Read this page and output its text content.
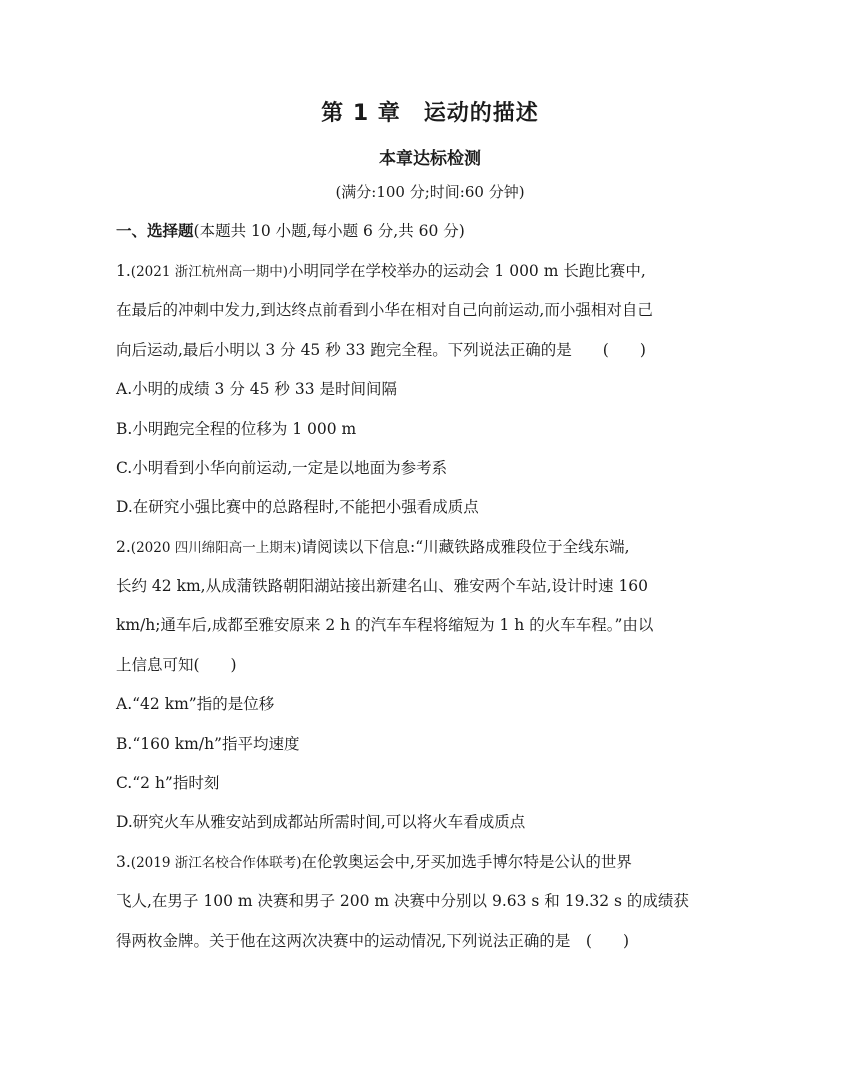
第 1 章　运动的描述
本章达标检测
(满分:100 分;时间:60 分钟)
一、选择题(本题共 10 小题,每小题 6 分,共 60 分)
1.(2021 浙江杭州高一期中)小明同学在学校举办的运动会 1 000 m 长跑比赛中,
在最后的冲刺中发力,到达终点前看到小华在相对自己向前运动,而小强相对自己
向后运动,最后小明以 3 分 45 秒 33 跑完全程。下列说法正确的是　　(　　)
A.小明的成绩 3 分 45 秒 33 是时间间隔
B.小明跑完全程的位移为 1 000 m
C.小明看到小华向前运动,一定是以地面为参考系
D.在研究小强比赛中的总路程时,不能把小强看成质点
2.(2020 四川绵阳高一上期末)请阅读以下信息:“川藏铁路成雅段位于全线东端,
长约 42 km,从成蒲铁路朝阳湖站接出新建名山、雅安两个车站,设计时速 160
km/h;通车后,成都至雅安原来 2 h 的汽车车程将缩短为 1 h 的火车车程。”由以
上信息可知(　　)
A.“42 km”指的是位移
B.“160 km/h”指平均速度
C.“2 h”指时刻
D.研究火车从雅安站到成都站所需时间,可以将火车看成质点
3.(2019 浙江名校合作体联考)在伦敦奥运会中,牙买加选手博尔特是公认的世界
飞人,在男子 100 m 决赛和男子 200 m 决赛中分别以 9.63 s 和 19.32 s 的成绩获
得两枚金牌。关于他在这两次决赛中的运动情况,下列说法正确的是　(　　)
